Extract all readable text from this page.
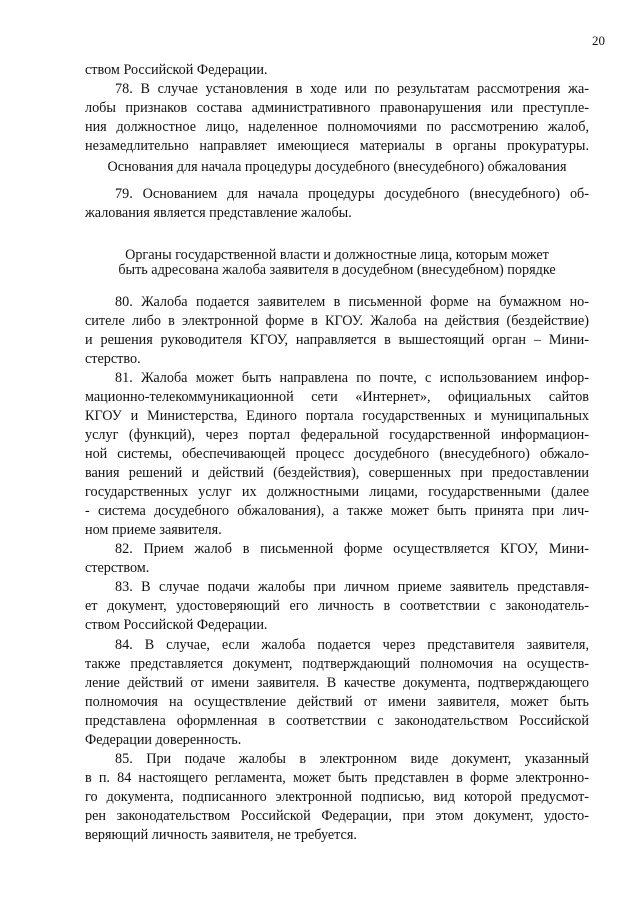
20
ством Российской Федерации.
78. В случае установления в ходе или по результатам рассмотрения жа-
лобы признаков состава административного правонарушения или преступле-
ния должностное лицо, наделенное полномочиями по рассмотрению жалоб,
незамедлительно направляет имеющиеся материалы в органы прокуратуры.
Основания для начала процедуры досудебного (внесудебного) обжалования
79. Основанием для начала процедуры досудебного (внесудебного) об-
жалования является представление жалобы.
Органы государственной власти и должностные лица, которым может
быть адресована жалоба заявителя в досудебном (внесудебном) порядке
80. Жалоба подается заявителем в письменной форме на бумажном но-
сителе либо в электронной форме в КГОУ. Жалоба на действия (бездействие)
и решения руководителя КГОУ, направляется в вышестоящий орган – Мини-
стерство.
81. Жалоба может быть направлена по почте, с использованием инфор-
мационно-телекоммуникационной сети «Интернет», официальных сайтов
КГОУ и Министерства, Единого портала государственных и муниципальных
услуг (функций), через портал федеральной государственной информацион-
ной системы, обеспечивающей процесс досудебного (внесудебного) обжало-
вания решений и действий (бездействия), совершенных при предоставлении
государственных услуг их должностными лицами, государственными (далее
- система досудебного обжалования), а также может быть принята при лич-
ном приеме заявителя.
82. Прием жалоб в письменной форме осуществляется КГОУ, Мини-
стерством.
83. В случае подачи жалобы при личном приеме заявитель представля-
ет документ, удостоверяющий его личность в соответствии с законодатель-
ством Российской Федерации.
84. В случае, если жалоба подается через представителя заявителя,
также представляется документ, подтверждающий полномочия на осуществ-
ление действий от имени заявителя. В качестве документа, подтверждающего
полномочия на осуществление действий от имени заявителя, может быть
представлена оформленная в соответствии с законодательством Российской
Федерации доверенность.
85. При подаче жалобы в электронном виде документ, указанный
в п. 84 настоящего регламента, может быть представлен в форме электронно-
го документа, подписанного электронной подписью, вид которой предусмот-
рен законодательством Российской Федерации, при этом документ, удосто-
веряющий личность заявителя, не требуется.
